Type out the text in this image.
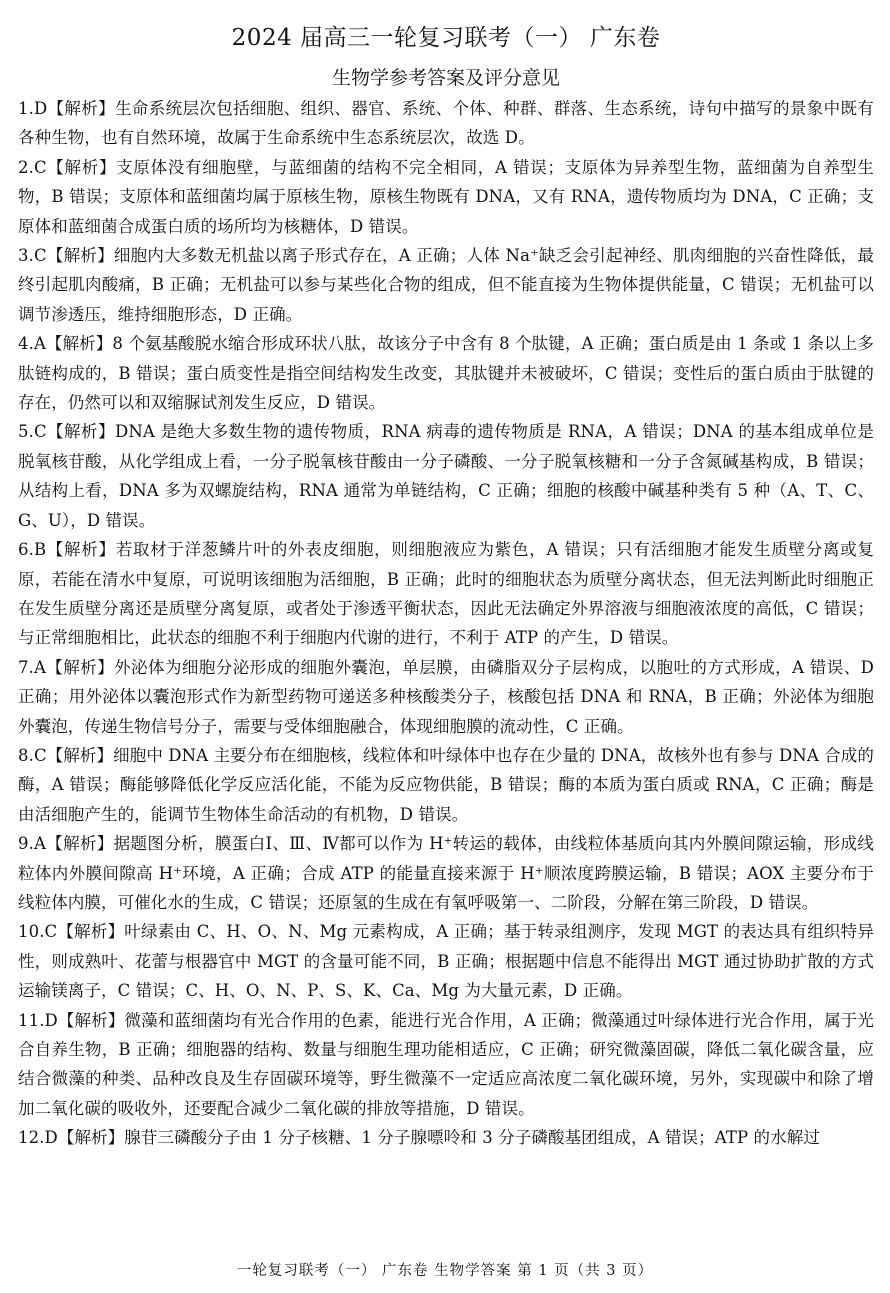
2024 届高三一轮复习联考（一） 广东卷
生物学参考答案及评分意见

1.D【解析】生命系统层次包括细胞、组织、器官、系统、个体、种群、群落、生态系统，诗句中描写的景象中既有各种生物，也有自然环境，故属于生命系统中生态系统层次，故选 D。

2.C【解析】支原体没有细胞壁，与蓝细菌的结构不完全相同，A 错误；支原体为异养型生物，蓝细菌为自养型生物，B 错误；支原体和蓝细菌均属于原核生物，原核生物既有 DNA，又有 RNA，遗传物质均为 DNA，C 正确；支原体和蓝细菌合成蛋白质的场所均为核糖体，D 错误。

3.C【解析】细胞内大多数无机盐以离子形式存在，A 正确；人体 Na⁺缺乏会引起神经、肌肉细胞的兴奋性降低，最终引起肌肉酸痛，B 正确；无机盐可以参与某些化合物的组成，但不能直接为生物体提供能量，C 错误；无机盐可以调节渗透压，维持细胞形态，D 正确。

4.A【解析】8 个氨基酸脱水缩合形成环状八肽，故该分子中含有 8 个肽键，A 正确；蛋白质是由 1 条或 1 条以上多肽链构成的，B 错误；蛋白质变性是指空间结构发生改变，其肽键并未被破坏，C 错误；变性后的蛋白质由于肽键的存在，仍然可以和双缩脲试剂发生反应，D 错误。

5.C【解析】DNA 是绝大多数生物的遗传物质，RNA 病毒的遗传物质是 RNA，A 错误；DNA 的基本组成单位是脱氧核苷酸，从化学组成上看，一分子脱氧核苷酸由一分子磷酸、一分子脱氧核糖和一分子含氮碱基构成，B 错误；从结构上看，DNA 多为双螺旋结构，RNA 通常为单链结构，C 正确；细胞的核酸中碱基种类有 5 种（A、T、C、G、U），D 错误。

6.B【解析】若取材于洋葱鳞片叶的外表皮细胞，则细胞液应为紫色，A 错误；只有活细胞才能发生质壁分离或复原，若能在清水中复原，可说明该细胞为活细胞，B 正确；此时的细胞状态为质壁分离状态，但无法判断此时细胞正在发生质壁分离还是质壁分离复原，或者处于渗透平衡状态，因此无法确定外界溶液与细胞液浓度的高低，C 错误；与正常细胞相比，此状态的细胞不利于细胞内代谢的进行，不利于 ATP 的产生，D 错误。

7.A【解析】外泌体为细胞分泌形成的细胞外囊泡，单层膜，由磷脂双分子层构成，以胞吐的方式形成，A 错误、D 正确；用外泌体以囊泡形式作为新型药物可递送多种核酸类分子，核酸包括 DNA 和 RNA，B 正确；外泌体为细胞外囊泡，传递生物信号分子，需要与受体细胞融合，体现细胞膜的流动性，C 正确。

8.C【解析】细胞中 DNA 主要分布在细胞核，线粒体和叶绿体中也存在少量的 DNA，故核外也有参与 DNA 合成的酶，A 错误；酶能够降低化学反应活化能，不能为反应物供能，B 错误；酶的本质为蛋白质或 RNA，C 正确；酶是由活细胞产生的，能调节生物体生命活动的有机物，D 错误。

9.A【解析】据题图分析，膜蛋白Ⅰ、Ⅲ、Ⅳ都可以作为 H⁺转运的载体，由线粒体基质向其内外膜间隙运输，形成线粒体内外膜间隙高 H⁺环境，A 正确；合成 ATP 的能量直接来源于 H⁺顺浓度跨膜运输，B 错误；AOX 主要分布于线粒体内膜，可催化水的生成，C 错误；还原氢的生成在有氧呼吸第一、二阶段，分解在第三阶段，D 错误。

10.C【解析】叶绿素由 C、H、O、N、Mg 元素构成，A 正确；基于转录组测序，发现 MGT 的表达具有组织特异性，则成熟叶、花蕾与根器官中 MGT 的含量可能不同，B 正确；根据题中信息不能得出 MGT 通过协助扩散的方式运输镁离子，C 错误；C、H、O、N、P、S、K、Ca、Mg 为大量元素，D 正确。

11.D【解析】微藻和蓝细菌均有光合作用的色素，能进行光合作用，A 正确；微藻通过叶绿体进行光合作用，属于光合自养生物，B 正确；细胞器的结构、数量与细胞生理功能相适应，C 正确；研究微藻固碳，降低二氧化碳含量，应结合微藻的种类、品种改良及生存固碳环境等，野生微藻不一定适应高浓度二氧化碳环境，另外，实现碳中和除了增加二氧化碳的吸收外，还要配合减少二氧化碳的排放等措施，D 错误。

12.D【解析】腺苷三磷酸分子由 1 分子核糖、1 分子腺嘌呤和 3 分子磷酸基团组成，A 错误；ATP 的水解过

一轮复习联考（一） 广东卷 生物学答案 第 1 页（共 3 页）
